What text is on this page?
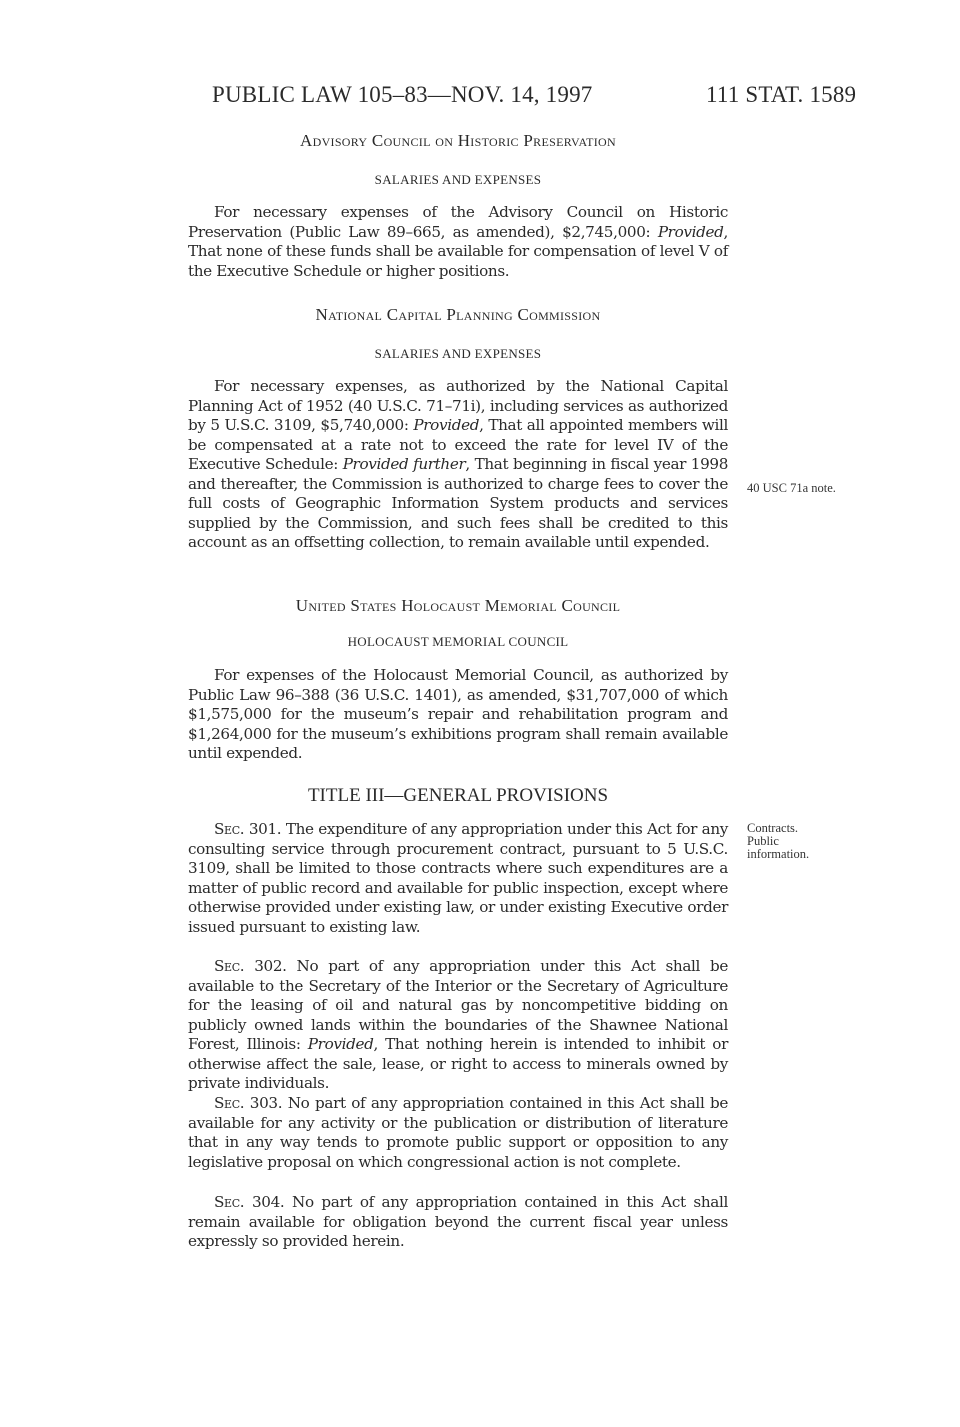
PUBLIC LAW 105–83—NOV. 14, 1997	111 STAT. 1589
Advisory Council on Historic Preservation
SALARIES AND EXPENSES

For necessary expenses of the Advisory Council on Historic Preservation (Public Law 89–665, as amended), $2,745,000: Provided, That none of these funds shall be available for compensation of level V of the Executive Schedule or higher positions.

National Capital Planning Commission
SALARIES AND EXPENSES

For necessary expenses, as authorized by the National Capital Planning Act of 1952 (40 U.S.C. 71–71i), including services as authorized by 5 U.S.C. 3109, $5,740,000: Provided, That all appointed members will be compensated at a rate not to exceed the rate for level IV of the Executive Schedule: Provided further, That beginning in fiscal year 1998 and thereafter, the Commission is authorized to charge fees to cover the full costs of Geographic Information System products and services supplied by the Commission, and such fees shall be credited to this account as an offsetting collection, to remain available until expended.

40 USC 71a note.
United States Holocaust Memorial Council
HOLOCAUST MEMORIAL COUNCIL

For expenses of the Holocaust Memorial Council, as authorized by Public Law 96–388 (36 U.S.C. 1401), as amended, $31,707,000 of which $1,575,000 for the museum’s repair and rehabilitation program and $1,264,000 for the museum’s exhibitions program shall remain available until expended.

TITLE III—GENERAL PROVISIONS
Contracts.
Public
information.

Sec. 301. The expenditure of any appropriation under this Act for any consulting service through procurement contract, pursuant to 5 U.S.C. 3109, shall be limited to those contracts where such expenditures are a matter of public record and available for public inspection, except where otherwise provided under existing law, or under existing Executive order issued pursuant to existing law.

Sec. 302. No part of any appropriation under this Act shall be available to the Secretary of the Interior or the Secretary of Agriculture for the leasing of oil and natural gas by noncompetitive bidding on publicly owned lands within the boundaries of the Shawnee National Forest, Illinois: Provided, That nothing herein is intended to inhibit or otherwise affect the sale, lease, or right to access to minerals owned by private individuals.

Sec. 303. No part of any appropriation contained in this Act shall be available for any activity or the publication or distribution of literature that in any way tends to promote public support or opposition to any legislative proposal on which congressional action is not complete.

Sec. 304. No part of any appropriation contained in this Act shall remain available for obligation beyond the current fiscal year unless expressly so provided herein.
